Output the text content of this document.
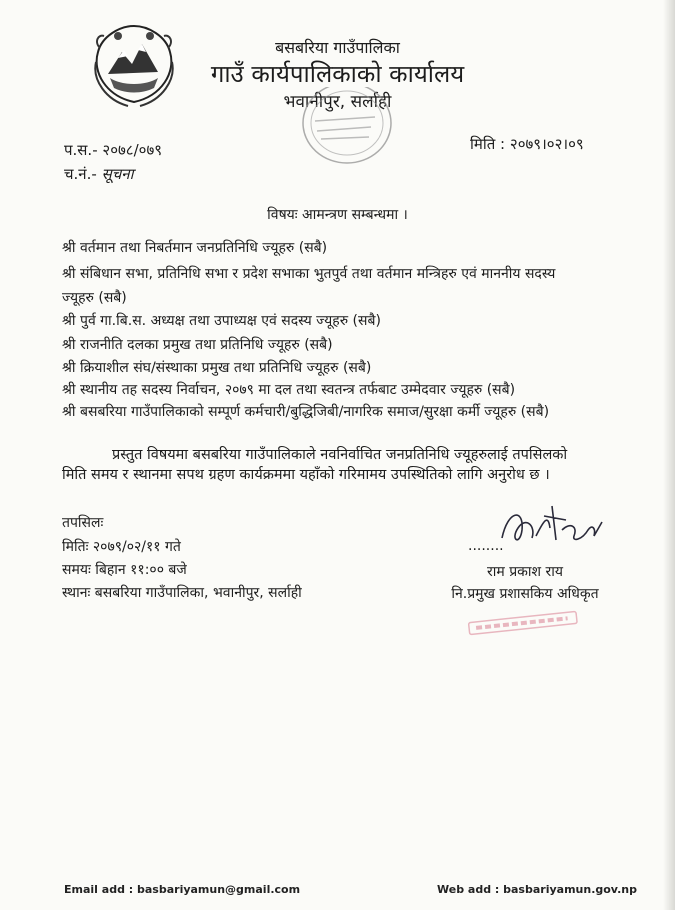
बसबरिया गाउँपालिका
गाउँ कार्यपालिकाको कार्यालय
भवानीपुर, सर्लाही
प.स.- २०७८/०७९
च.नं.- सूचना
मिति : २०७९।०२।०९
विषयः आमन्त्रण सम्बन्धमा ।
श्री वर्तमान तथा निबर्तमान जनप्रतिनिधि ज्यूहरु (सबै)
श्री संबिधान सभा, प्रतिनिधि सभा र प्रदेश सभाका भुतपुर्व तथा वर्तमान मन्त्रिहरु एवं माननीय सदस्य
ज्यूहरु (सबै)
श्री पुर्व गा.बि.स. अध्यक्ष तथा उपाध्यक्ष एवं सदस्य ज्यूहरु (सबै)
श्री राजनीति दलका प्रमुख तथा प्रतिनिधि ज्यूहरु (सबै)
श्री क्रियाशील संघ/संस्थाका प्रमुख तथा प्रतिनिधि ज्यूहरु (सबै)
श्री स्थानीय तह सदस्य निर्वाचन, २०७९ मा दल तथा स्वतन्त्र तर्फबाट उम्मेदवार ज्यूहरु (सबै)
श्री बसबरिया गाउँपालिकाको सम्पूर्ण कर्मचारी/बुद्धिजिबी/नागरिक समाज/सुरक्षा कर्मी ज्यूहरु (सबै)
प्रस्तुत विषयमा बसबरिया गाउँपालिकाले नवनिर्वाचित जनप्रतिनिधि ज्यूहरुलाई तपसिलको
मिति समय र स्थानमा सपथ ग्रहण कार्यक्रममा यहाँको गरिमामय उपस्थितिको लागि अनुरोध छ ।
तपसिलः
मितिः २०७९/०२/११ गते
समयः बिहान ११:०० बजे
स्थानः बसबरिया गाउँपालिका, भवानीपुर, सर्लाही
........
राम प्रकाश राय
नि.प्रमुख प्रशासकिय अधिकृत
Email add : basbariyamun@gmail.com	Web add : basbariyamun.gov.np
